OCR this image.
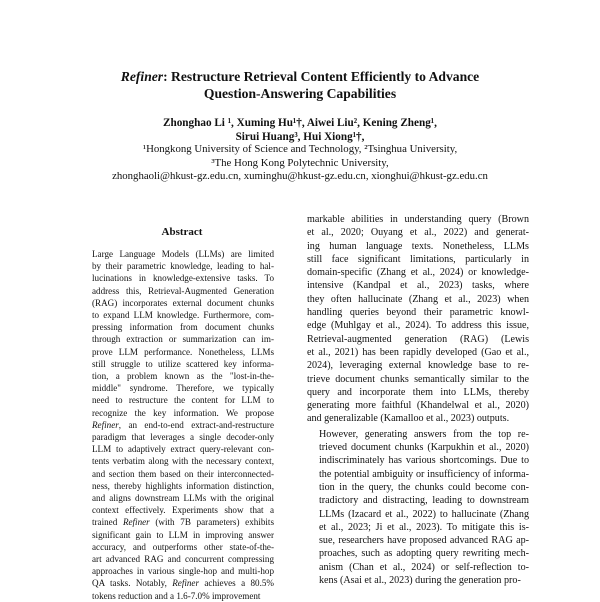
Refiner: Restructure Retrieval Content Efficiently to Advance
Question-Answering Capabilities
Zhonghao Li ¹, Xuming Hu¹†, Aiwei Liu², Kening Zheng¹,
Sirui Huang³, Hui Xiong¹†,
¹Hongkong University of Science and Technology, ²Tsinghua University,
³The Hong Kong Polytechnic University,
zhonghaoli@hkust-gz.edu.cn, xuminghu@hkust-gz.edu.cn, xionghui@hkust-gz.edu.cn
Abstract
Large Language Models (LLMs) are limited
by their parametric knowledge, leading to hal-
lucinations in knowledge-extensive tasks. To
address this, Retrieval-Augmented Generation
(RAG) incorporates external document chunks
to expand LLM knowledge. Furthermore, com-
pressing information from document chunks
through extraction or summarization can im-
prove LLM performance. Nonetheless, LLMs
still struggle to utilize scattered key informa-
tion, a problem known as the "lost-in-the-
middle" syndrome. Therefore, we typically
need to restructure the content for LLM to
recognize the key information. We propose
Refiner, an end-to-end extract-and-restructure
paradigm that leverages a single decoder-only
LLM to adaptively extract query-relevant con-
tents verbatim along with the necessary context,
and section them based on their interconnected-
ness, thereby highlights information distinction,
and aligns downstream LLMs with the original
context effectively. Experiments show that a
trained Refiner (with 7B parameters) exhibits
significant gain to LLM in improving answer
accuracy, and outperforms other state-of-the-
art advanced RAG and concurrent compressing
approaches in various single-hop and multi-hop
QA tasks. Notably, Refiner achieves a 80.5%
tokens reduction and a 1.6-7.0% improvement

markable abilities in understanding query (Brown
et al., 2020; Ouyang et al., 2022) and generat-
ing human language texts. Nonetheless, LLMs
still face significant limitations, particularly in
domain-specific (Zhang et al., 2024) or knowledge-
intensive (Kandpal et al., 2023) tasks, where
they often hallucinate (Zhang et al., 2023) when
handling queries beyond their parametric knowl-
edge (Muhlgay et al., 2024). To address this issue,
Retrieval-augmented generation (RAG) (Lewis
et al., 2021) has been rapidly developed (Gao et al.,
2024), leveraging external knowledge base to re-
trieve document chunks semantically similar to the
query and incorporate them into LLMs, thereby
generating more faithful (Khandelwal et al., 2020)
and generalizable (Kamalloo et al., 2023) outputs.

However, generating answers from the top re-
trieved document chunks (Karpukhin et al., 2020)
indiscriminately has various shortcomings. Due to
the potential ambiguity or insufficiency of informa-
tion in the query, the chunks could become con-
tradictory and distracting, leading to downstream
LLMs (Izacard et al., 2022) to hallucinate (Zhang
et al., 2023; Ji et al., 2023). To mitigate this is-
sue, researchers have proposed advanced RAG ap-
proaches, such as adopting query rewriting mech-
anism (Chan et al., 2024) or self-reflection to-
kens (Asai et al., 2023) during the generation pro-
